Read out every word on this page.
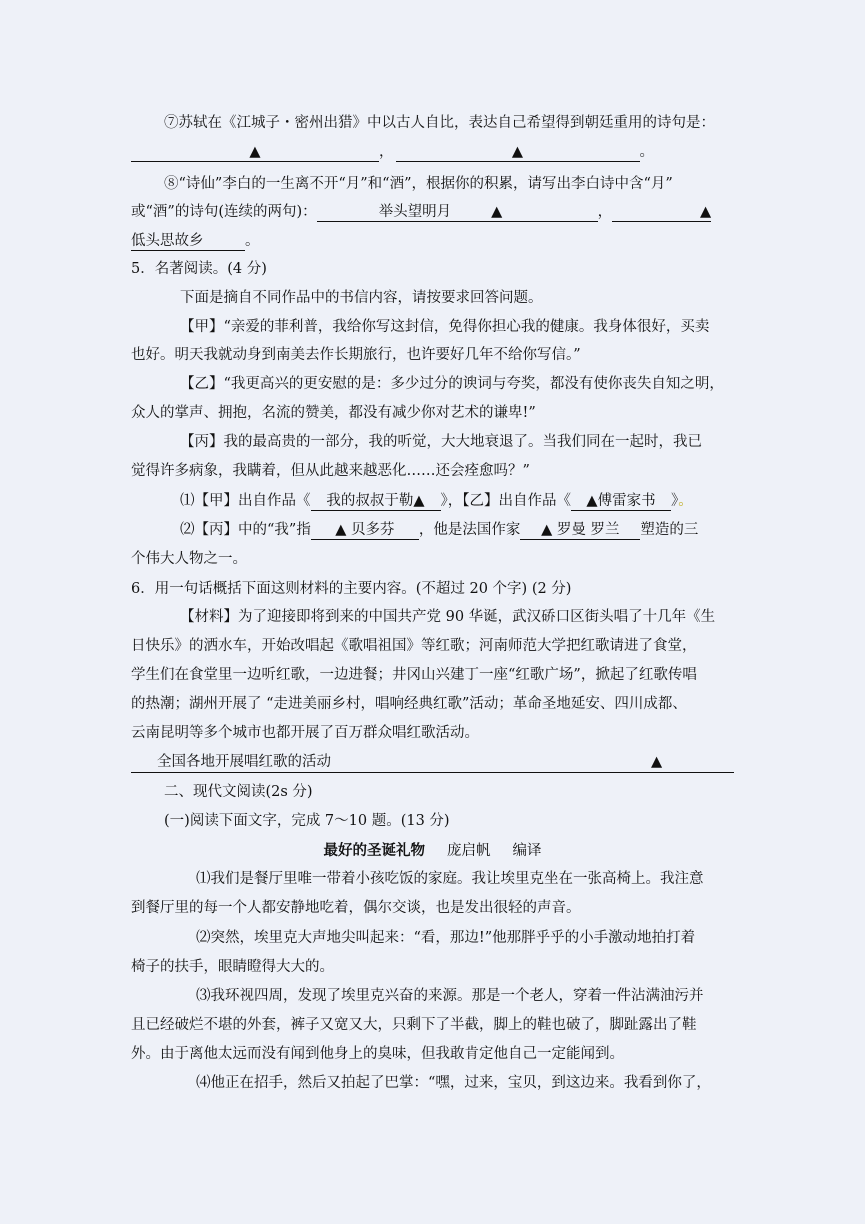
⑦苏轼在《江城子・密州出猎》中以古人自比，表达自己希望得到朝廷重用的诗句是：
▲	，	▲	。
⑧“诗仙”李白的一生离不开“月”和“酒”，根据你的积累，请写出李白诗中含“月”
或“酒”的诗句(连续的两句)：	举头望明月	▲	，	▲
低头思故乡	。
5．名著阅读。(4 分)
下面是摘自不同作品中的书信内容，请按要求回答问题。
【甲】“亲爱的菲利普，我给你写这封信，免得你担心我的健康。我身体很好，买卖
也好。明天我就动身到南美去作长期旅行，也许要好几年不给你写信。”
【乙】“我更高兴的更安慰的是：多少过分的谀词与夸奖，都没有使你丧失自知之明，
众人的掌声、拥抱，名流的赞美，都没有减少你对艺术的谦卑!”
【丙】我的最高贵的一部分，我的听觉，大大地衰退了。当我们同在一起时，我已
觉得许多病象，我瞒着，但从此越来越恶化……还会痊愈吗？”
⑴【甲】出自作品《 我的叔叔于勒▲ 》，【乙】出自作品《 ▲傅雷家书 》。
⑵【丙】中的“我”指 ▲ 贝多芬 ，他是法国作家 ▲ 罗曼 罗兰 塑造的三
个伟大人物之一。
6．用一句话概括下面这则材料的主要内容。(不超过 20 个字) (2 分)
【材料】为了迎接即将到来的中国共产党 90 华诞，武汉硚口区街头唱了十几年《生
日快乐》的洒水车，开始改唱起《歌唱祖国》等红歌；河南师范大学把红歌请进了食堂，
学生们在食堂里一边听红歌，一边进餐；井冈山兴建丁一座“红歌广场”，掀起了红歌传唱
的热潮；湖州开展了 “走进美丽乡村，唱响经典红歌”活动；革命圣地延安、四川成都、
云南昆明等多个城市也都开展了百万群众唱红歌活动。
全国各地开展唱红歌的活动	▲
二、现代文阅读(2s 分)
(一)阅读下面文字，完成 7～10 题。(13 分)
最好的圣诞礼物 庞启帆 编译
⑴我们是餐厅里唯一带着小孩吃饭的家庭。我让埃里克坐在一张高椅上。我注意
到餐厅里的每一个人都安静地吃着，偶尔交谈，也是发出很轻的声音。
⑵突然，埃里克大声地尖叫起来：“看，那边!”他那胖乎乎的小手激动地拍打着
椅子的扶手，眼睛瞪得大大的。
⑶我环视四周，发现了埃里克兴奋的来源。那是一个老人，穿着一件沾满油污并
且已经破烂不堪的外套，裤子又宽又大，只剩下了半截，脚上的鞋也破了，脚趾露出了鞋
外。由于离他太远而没有闻到他身上的臭味，但我敢肯定他自己一定能闻到。
⑷他正在招手，然后又拍起了巴掌：“嘿，过来，宝贝，到这边来。我看到你了，
